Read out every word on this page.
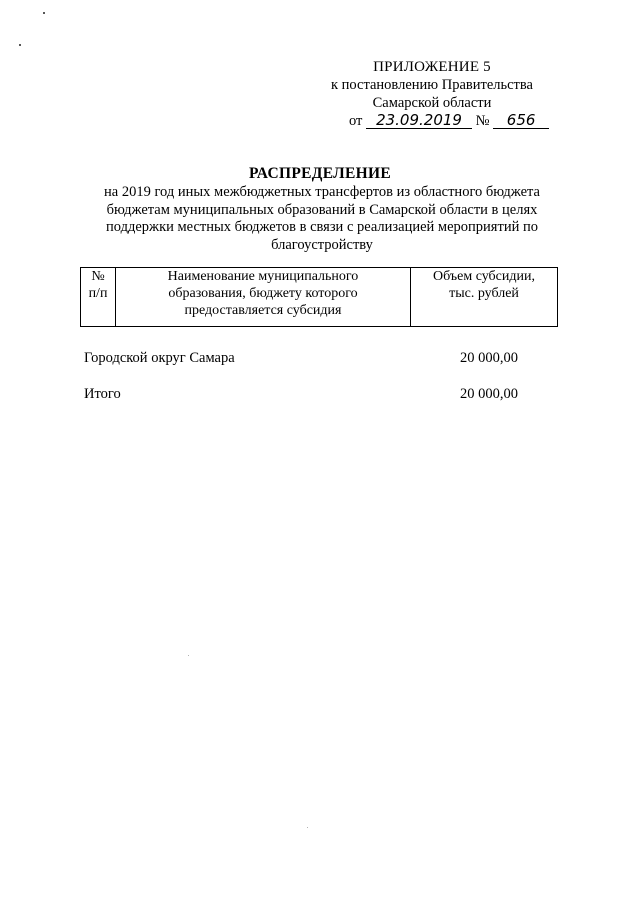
ПРИЛОЖЕНИЕ 5
к постановлению Правительства
Самарской области
от 23.09.2019 № 656
РАСПРЕДЕЛЕНИЕ
на 2019 год иных межбюджетных трансфертов из областного бюджета
бюджетам муниципальных образований в Самарской области в целях
поддержки местных бюджетов в связи с реализацией мероприятий по
благоустройству
№
п/п

Наименование муниципального
образования, бюджету которого
предоставляется субсидия

Объем субсидии,
тыс. рублей
Городской округ Самара	20 000,00
Итого	20 000,00
